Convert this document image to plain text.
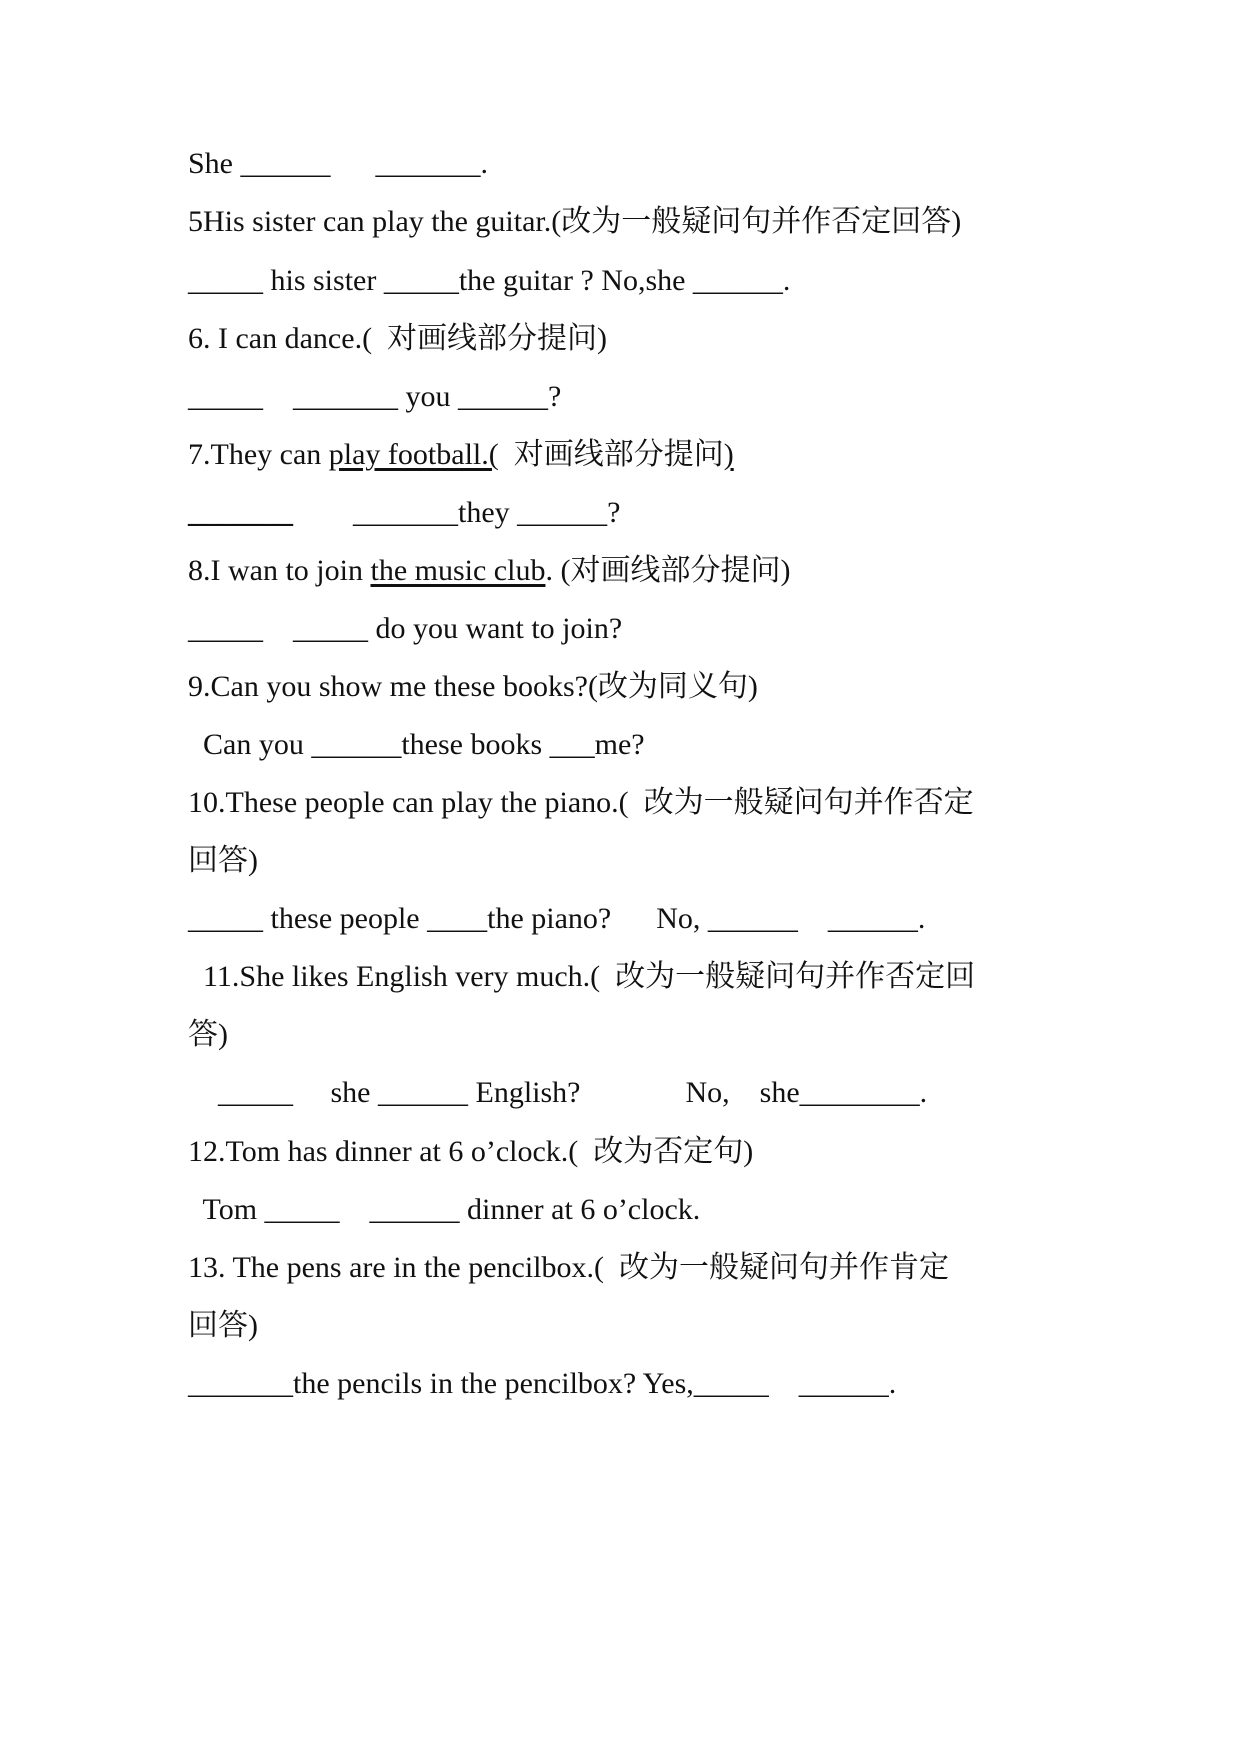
She ______      _______.
5His sister can play the guitar.(改为一般疑问句并作否定回答)
_____ his sister _____the guitar ? No,she ______.
6. I can dance.(  对画线部分提问)
_____    _______ you ______?
7.They can play football.(  对画线部分提问)
_______        _______they ______?
8.I wan to join the music club. (对画线部分提问)
_____    _____ do you want to join?
9.Can you show me these books?(改为同义句)
Can you ______these books ___me?
10.These people can play the piano.(  改为一般疑问句并作否定
回答)
_____ these people ____the piano?      No, ______    ______.
11.She likes English very much.(  改为一般疑问句并作否定回
答)
_____     she ______ English?              No,    she________.
12.Tom has dinner at 6 o’clock.(  改为否定句)
Tom _____    ______ dinner at 6 o’clock.
13. The pens are in the pencilbox.(  改为一般疑问句并作肯定
回答)
_______the pencils in the pencilbox? Yes,_____    ______.
